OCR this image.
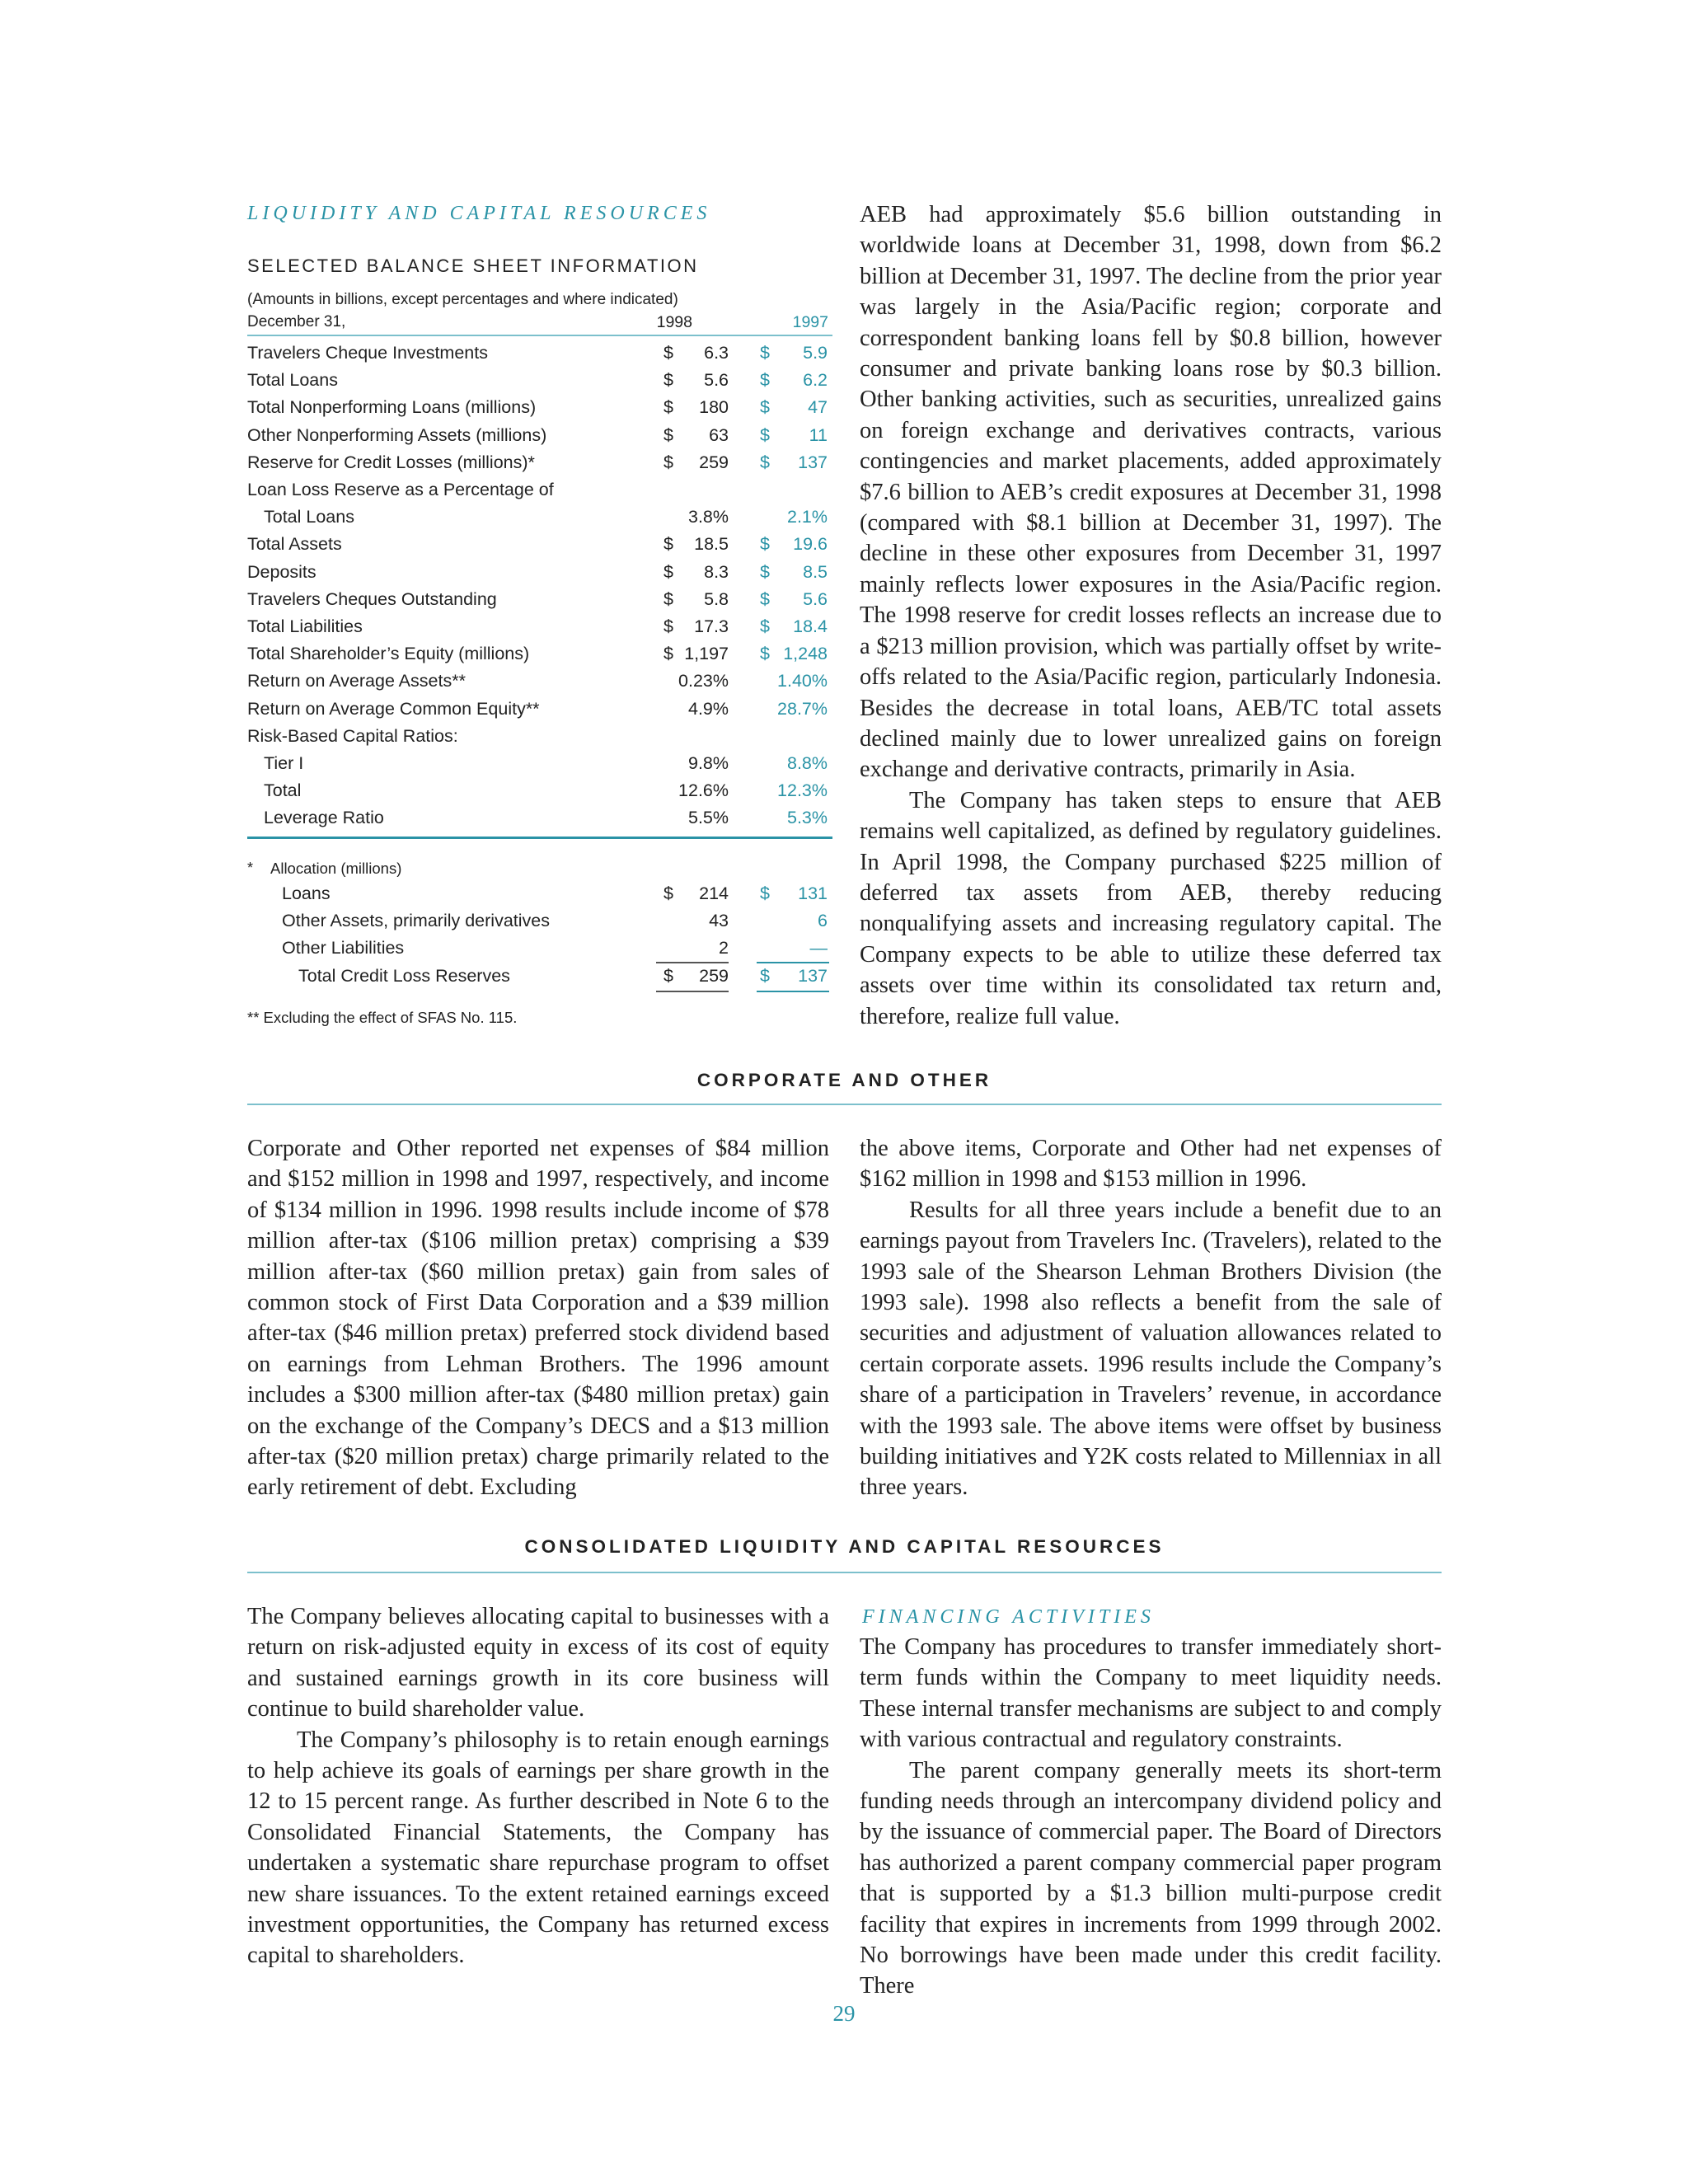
LIQUIDITY AND CAPITAL RESOURCES
SELECTED BALANCE SHEET INFORMATION
(Amounts in billions, except percentages and where indicated)
December 31,	1998	1997
Travelers Cheque Investments	$ 6.3 $ 5.9
Total Loans	$ 5.6 $ 6.2
Total Nonperforming Loans (millions)	$ 180 $ 47
Other Nonperforming Assets (millions)	$ 63 $ 11
Reserve for Credit Losses (millions)*	$ 259 $ 137
Loan Loss Reserve as a Percentage of
Total Loans	3.8%	2.1%
Total Assets	$ 18.5 $ 19.6
Deposits	$ 8.3 $ 8.5
Travelers Cheques Outstanding	$ 5.8 $ 5.6
Total Liabilities	$ 17.3 $ 18.4
Total Shareholder’s Equity (millions)	$ 1,197 $ 1,248
Return on Average Assets**	0.23%	1.40%
Return on Average Common Equity**	4.9%	28.7%
Risk-Based Capital Ratios:
Tier I	9.8%	8.8%
Total	12.6%	12.3%
Leverage Ratio	5.5%	5.3%
* Allocation (millions)
Loans	$ 214 $ 131
Other Assets, primarily derivatives	43	6
Other Liabilities	2	—
Total Credit Loss Reserves	$ 259 $ 137
** Excluding the effect of SFAS No. 115.

AEB had approximately $5.6 billion outstanding in worldwide loans at December 31, 1998, down from $6.2 billion at December 31, 1997. The decline from the prior year was largely in the Asia/Pacific region; corporate and correspondent banking loans fell by $0.8 billion, however consumer and private banking loans rose by $0.3 billion. Other banking activities, such as securities, unrealized gains on foreign exchange and derivatives contracts, various contingencies and market placements, added approximately $7.6 billion to AEB’s credit exposures at December 31, 1998 (compared with $8.1 billion at December 31, 1997). The decline in these other exposures from December 31, 1997 mainly reflects lower exposures in the Asia/Pacific region. The 1998 reserve for credit losses reflects an increase due to a $213 million provision, which was partially offset by write-offs related to the Asia/Pacific region, particularly Indonesia. Besides the decrease in total loans, AEB/TC total assets declined mainly due to lower unrealized gains on foreign exchange and derivative contracts, primarily in Asia.

The Company has taken steps to ensure that AEB remains well capitalized, as defined by regulatory guidelines. In April 1998, the Company purchased $225 million of deferred tax assets from AEB, thereby reducing nonqualifying assets and increasing regulatory capital. The Company expects to be able to utilize these deferred tax assets over time within its consolidated tax return and, therefore, realize full value.

CORPORATE AND OTHER

Corporate and Other reported net expenses of $84 million and $152 million in 1998 and 1997, respectively, and income of $134 million in 1996. 1998 results include income of $78 million after-tax ($106 million pretax) comprising a $39 million after-tax ($60 million pretax) gain from sales of common stock of First Data Corporation and a $39 million after-tax ($46 million pretax) preferred stock dividend based on earnings from Lehman Brothers. The 1996 amount includes a $300 million after-tax ($480 million pretax) gain on the exchange of the Company’s DECS and a $13 million after-tax ($20 million pretax) charge primarily related to the early retirement of debt. Excluding

the above items, Corporate and Other had net expenses of $162 million in 1998 and $153 million in 1996.

Results for all three years include a benefit due to an earnings payout from Travelers Inc. (Travelers), related to the 1993 sale of the Shearson Lehman Brothers Division (the 1993 sale). 1998 also reflects a benefit from the sale of securities and adjustment of valuation allowances related to certain corporate assets. 1996 results include the Company’s share of a participation in Travelers’ revenue, in accordance with the 1993 sale. The above items were offset by business building initiatives and Y2K costs related to Millenniax in all three years.

CONSOLIDATED LIQUIDITY AND CAPITAL RESOURCES

The Company believes allocating capital to businesses with a return on risk-adjusted equity in excess of its cost of equity and sustained earnings growth in its core business will continue to build shareholder value.

The Company’s philosophy is to retain enough earnings to help achieve its goals of earnings per share growth in the 12 to 15 percent range. As further described in Note 6 to the Consolidated Financial Statements, the Company has undertaken a systematic share repurchase program to offset new share issuances. To the extent retained earnings exceed investment opportunities, the Company has returned excess capital to shareholders.

FINANCING ACTIVITIES

The Company has procedures to transfer immediately short-term funds within the Company to meet liquidity needs. These internal transfer mechanisms are subject to and comply with various contractual and regulatory constraints.

The parent company generally meets its short-term funding needs through an intercompany dividend policy and by the issuance of commercial paper. The Board of Directors has authorized a parent company commercial paper program that is supported by a $1.3 billion multi-purpose credit facility that expires in increments from 1999 through 2002. No borrowings have been made under this credit facility. There

29
